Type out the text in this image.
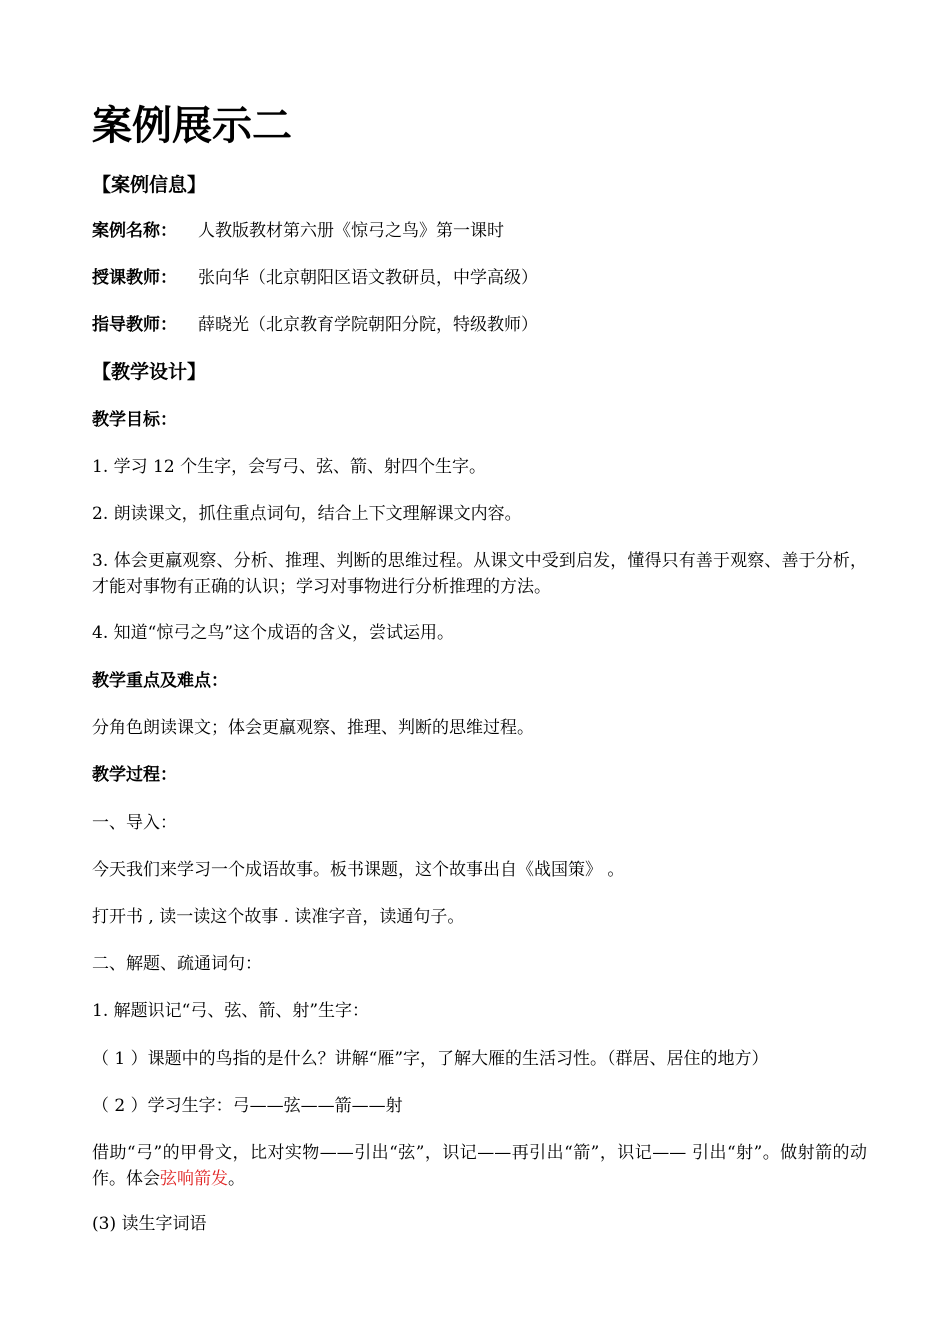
案例展示二
【案例信息】
案例名称： 人教版教材第六册《惊弓之鸟》第一课时
授课教师： 张向华（北京朝阳区语文教研员，中学高级）
指导教师： 薛晓光（北京教育学院朝阳分院，特级教师）
【教学设计】
教学目标：
1. 学习 12 个生字，会写弓、弦、箭、射四个生字。
2. 朗读课文，抓住重点词句，结合上下文理解课文内容。
3. 体会更羸观察、分析、推理、判断的思维过程。从课文中受到启发，懂得只有善于观察、善于分析，才能对事物有正确的认识；学习对事物进行分析推理的方法。
4. 知道“惊弓之鸟”这个成语的含义，尝试运用。
教学重点及难点：
分角色朗读课文；体会更羸观察、推理、判断的思维过程。
教学过程：
一、导入：
今天我们来学习一个成语故事。板书课题，这个故事出自《战国策》 。
打开书 , 读一读这个故事 . 读准字音，读通句子。
二、解题、疏通词句：
1. 解题识记“弓、弦、箭、射”生字：
（ 1 ）课题中的鸟指的是什么？讲解“雁”字，了解大雁的生活习性。（群居、居住的地方）
（ 2 ）学习生字：弓——弦——箭——射
借助“弓”的甲骨文，比对实物——引出“弦”，识记——再引出“箭”，识记—— 引出“射”。做射箭的动作。体会弦响箭发。
(3) 读生字词语
